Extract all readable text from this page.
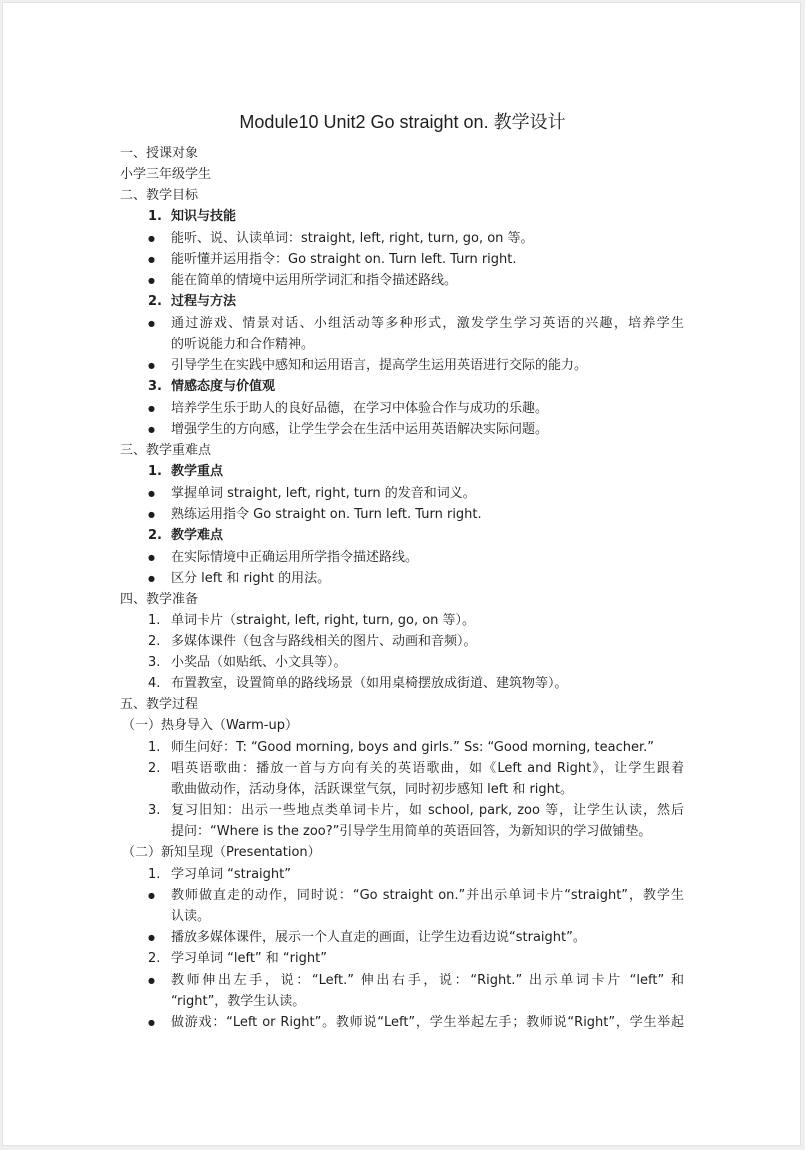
Module10 Unit2 Go straight on. 教学设计
一、授课对象
小学三年级学生
二、教学目标
1. 知识与技能
● 能听、说、认读单词：straight, left, right, turn, go, on 等。
● 能听懂并运用指令：Go straight on. Turn left. Turn right.
● 能在简单的情境中运用所学词汇和指令描述路线。
2. 过程与方法
● 通过游戏、情景对话、小组活动等多种形式，激发学生学习英语的兴趣，培养学生
的听说能力和合作精神。
● 引导学生在实践中感知和运用语言，提高学生运用英语进行交际的能力。
3. 情感态度与价值观
● 培养学生乐于助人的良好品德，在学习中体验合作与成功的乐趣。
● 增强学生的方向感，让学生学会在生活中运用英语解决实际问题。
三、教学重难点
1. 教学重点
● 掌握单词 straight, left, right, turn 的发音和词义。
● 熟练运用指令 Go straight on. Turn left. Turn right.
2. 教学难点
● 在实际情境中正确运用所学指令描述路线。
● 区分 left 和 right 的用法。
四、教学准备
1. 单词卡片（straight, left, right, turn, go, on 等）。
2. 多媒体课件（包含与路线相关的图片、动画和音频）。
3. 小奖品（如贴纸、小文具等）。
4. 布置教室，设置简单的路线场景（如用桌椅摆放成街道、建筑物等）。
五、教学过程
（一）热身导入（Warm-up）
1. 师生问好：T: “Good morning, boys and girls.” Ss: “Good morning, teacher.”
2. 唱英语歌曲：播放一首与方向有关的英语歌曲，如《Left and Right》，让学生跟着
歌曲做动作，活动身体，活跃课堂气氛，同时初步感知 left 和 right。
3. 复习旧知：出示一些地点类单词卡片，如 school, park, zoo 等，让学生认读，然后
提问：“Where is the zoo?”引导学生用简单的英语回答，为新知识的学习做铺垫。
（二）新知呈现（Presentation）
1. 学习单词 “straight”
● 教师做直走的动作，同时说：“Go straight on.”并出示单词卡片“straight”，教学生
认读。
● 播放多媒体课件，展示一个人直走的画面，让学生边看边说“straight”。
2. 学习单词 “left” 和 “right”
● 教师伸出左手，说：“Left.” 伸出右手，说：“Right.” 出示单词卡片 “left” 和
“right”，教学生认读。
● 做游戏：“Left or Right”。教师说“Left”，学生举起左手；教师说“Right”，学生举起
